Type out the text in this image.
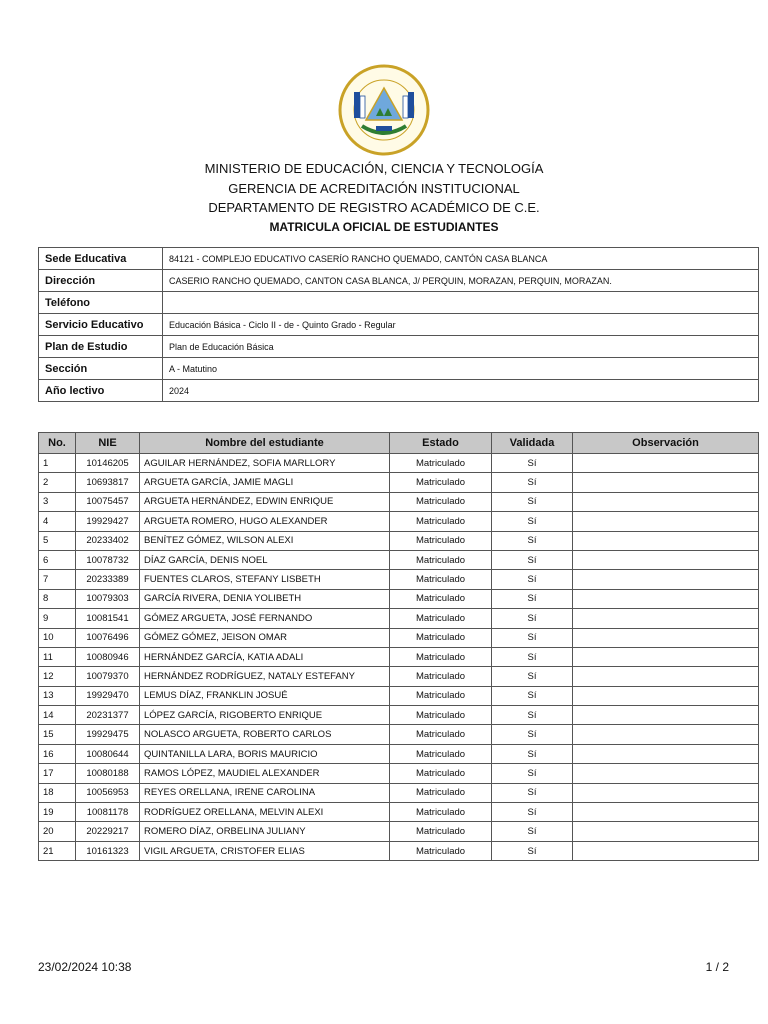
MINISTERIO DE EDUCACIÓN, CIENCIA Y TECNOLOGÍA
GERENCIA DE ACREDITACIÓN INSTITUCIONAL
DEPARTAMENTO DE REGISTRO ACADÉMICO DE C.E.
MATRICULA OFICIAL DE ESTUDIANTES
Sede Educativa	84121 - COMPLEJO EDUCATIVO CASERÍO RANCHO QUEMADO, CANTÓN CASA BLANCA
Dirección	CASERIO RANCHO QUEMADO, CANTON CASA BLANCA, J/ PERQUIN, MORAZAN, PERQUIN, MORAZAN.
Teléfono	
Servicio Educativo	Educación Básica - Ciclo II - de - Quinto Grado - Regular
Plan de Estudio	Plan de Educación Básica
Sección	A - Matutino
Año lectivo	2024
No.	NIE	Nombre del estudiante	Estado	Validada	Observación
1	10146205	AGUILAR HERNÁNDEZ, SOFIA MARLLORY	Matriculado	Sí	
2	10693817	ARGUETA GARCÍA, JAMIE MAGLI	Matriculado	Sí	
3	10075457	ARGUETA HERNÁNDEZ, EDWIN ENRIQUE	Matriculado	Sí	
4	19929427	ARGUETA ROMERO, HUGO ALEXANDER	Matriculado	Sí	
5	20233402	BENÍTEZ GÓMEZ, WILSON ALEXI	Matriculado	Sí	
6	10078732	DÍAZ GARCÍA, DENIS NOEL	Matriculado	Sí	
7	20233389	FUENTES CLAROS, STEFANY LISBETH	Matriculado	Sí	
8	10079303	GARCÍA RIVERA, DENIA YOLIBETH	Matriculado	Sí	
9	10081541	GÓMEZ ARGUETA, JOSÉ FERNANDO	Matriculado	Sí	
10	10076496	GÓMEZ GÓMEZ, JEISON OMAR	Matriculado	Sí	
11	10080946	HERNÁNDEZ GARCÍA, KATIA ADALI	Matriculado	Sí	
12	10079370	HERNÁNDEZ RODRÍGUEZ, NATALY ESTEFANY	Matriculado	Sí	
13	19929470	LEMUS DÍAZ, FRANKLIN JOSUÉ	Matriculado	Sí	
14	20231377	LÓPEZ GARCÍA, RIGOBERTO ENRIQUE	Matriculado	Sí	
15	19929475	NOLASCO ARGUETA, ROBERTO CARLOS	Matriculado	Sí	
16	10080644	QUINTANILLA LARA, BORIS MAURICIO	Matriculado	Sí	
17	10080188	RAMOS LÓPEZ, MAUDIEL ALEXANDER	Matriculado	Sí	
18	10056953	REYES ORELLANA, IRENE CAROLINA	Matriculado	Sí	
19	10081178	RODRÍGUEZ ORELLANA, MELVIN ALEXI	Matriculado	Sí	
20	20229217	ROMERO DÍAZ, ORBELINA JULIANY	Matriculado	Sí	
21	10161323	VIGIL ARGUETA, CRISTOFER ELIAS	Matriculado	Sí	
23/02/2024 10:38	1 / 2
